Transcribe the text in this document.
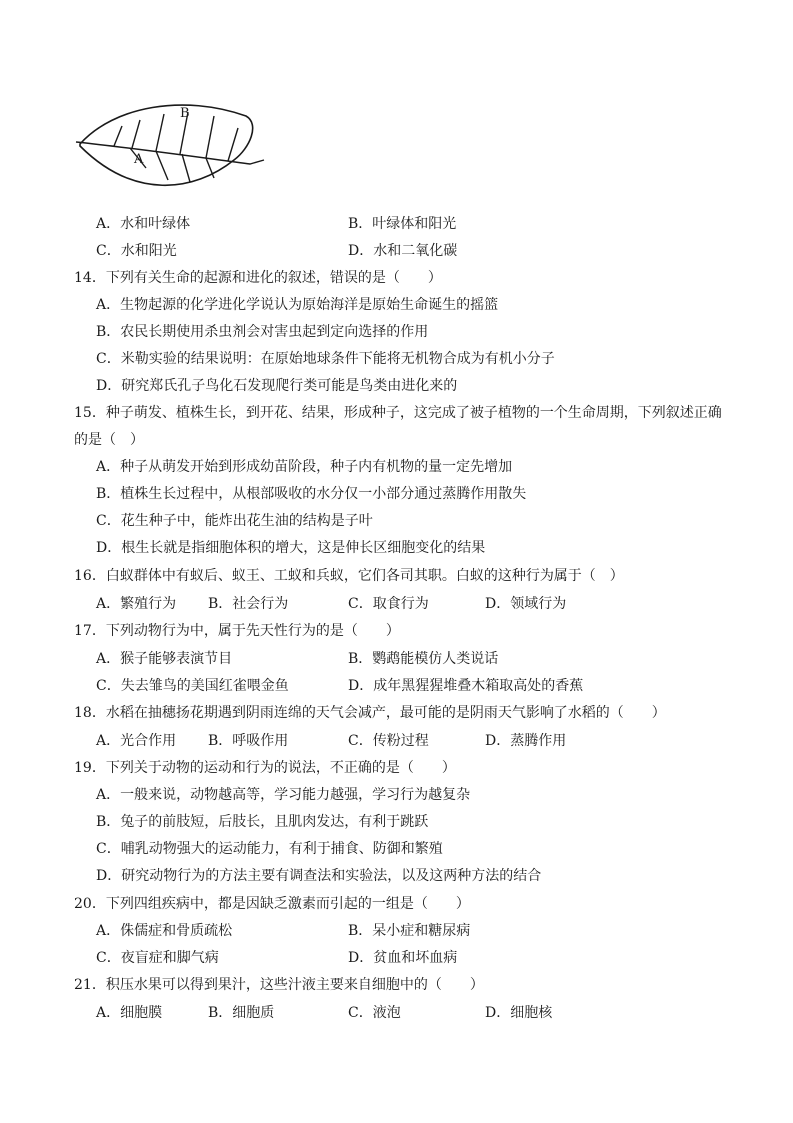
A
B
A．水和叶绿体	B．叶绿体和阳光
C．水和阳光	D．水和二氧化碳
14．下列有关生命的起源和进化的叙述，错误的是（　　）
A．生物起源的化学进化学说认为原始海洋是原始生命诞生的摇篮
B．农民长期使用杀虫剂会对害虫起到定向选择的作用
C．米勒实验的结果说明：在原始地球条件下能将无机物合成为有机小分子
D．研究郑氏孔子鸟化石发现爬行类可能是鸟类由进化来的
15．种子萌发、植株生长，到开花、结果，形成种子，这完成了被子植物的一个生命周期，下列叙述正确
的是（　）
A．种子从萌发开始到形成幼苗阶段，种子内有机物的量一定先增加
B．植株生长过程中，从根部吸收的水分仅一小部分通过蒸腾作用散失
C．花生种子中，能炸出花生油的结构是子叶
D．根生长就是指细胞体积的增大，这是伸长区细胞变化的结果
16．白蚁群体中有蚁后、蚁王、工蚁和兵蚁，它们各司其职。白蚁的这种行为属于（　）
A．繁殖行为 B．社会行为	C．取食行为	D．领域行为
17．下列动物行为中，属于先天性行为的是（　　）
A．猴子能够表演节目	B．鹦鹉能模仿人类说话
C．失去雏鸟的美国红雀喂金鱼	D．成年黑猩猩堆叠木箱取高处的香蕉
18．水稻在抽穗扬花期遇到阴雨连绵的天气会减产，最可能的是阴雨天气影响了水稻的（　　）
A．光合作用 B．呼吸作用	C．传粉过程	D．蒸腾作用
19．下列关于动物的运动和行为的说法，不正确的是（　　）
A．一般来说，动物越高等，学习能力越强，学习行为越复杂
B．兔子的前肢短，后肢长，且肌肉发达，有利于跳跃
C．哺乳动物强大的运动能力，有利于捕食、防御和繁殖
D．研究动物行为的方法主要有调查法和实验法，以及这两种方法的结合
20．下列四组疾病中，都是因缺乏激素而引起的一组是（　　）
A．侏儒症和骨质疏松	B．呆小症和糖尿病
C．夜盲症和脚气病	D．贫血和坏血病
21．积压水果可以得到果汁，这些汁液主要来自细胞中的（　　）
A．细胞膜	B．细胞质	C．液泡	D．细胞核
